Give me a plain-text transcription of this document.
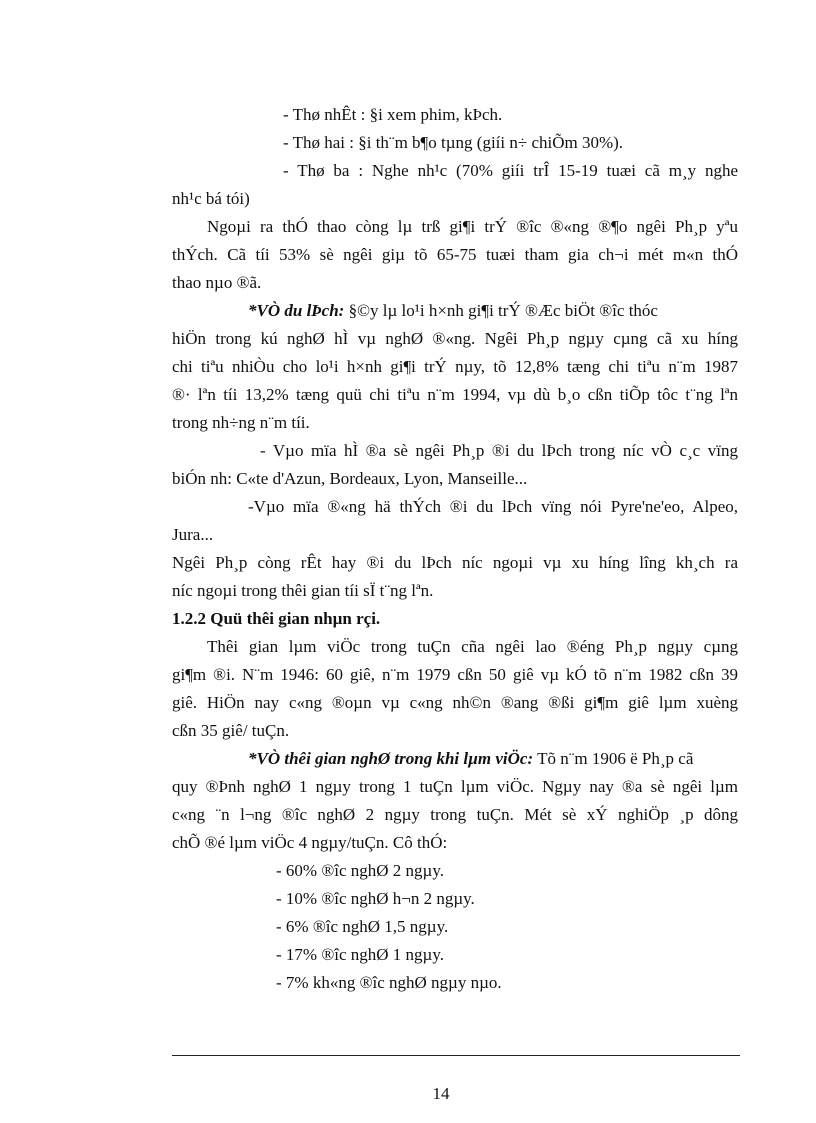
- Thø nhÊt : §i xem phim, kÞch.
- Thø hai : §i th¨m b¶o tµng (giíi n÷ chiÕm 30%).
- Thø ba : Nghe nh¹c (70% giíi trÎ 15-19 tuæi cã m¸y nghe
nh¹c bá tói)
Ngoµi ra thÓ thao còng lµ trß gi¶i trÝ ®îc ®«ng ®¶o ngêi Ph¸p yªu
thÝch. Cã tíi 53% sè ngêi giµ tõ 65-75 tuæi tham gia ch¬i mét m«n thÓ
thao nµo ®ã.
*VÒ du lÞch: §©y lµ lo¹i h×nh gi¶i trÝ ®Æc biÖt ®îc thóc
hiÖn trong kú nghØ hÌ vµ nghØ ®«ng. Ngêi Ph¸p ngµy cµng cã xu híng
chi tiªu nhiÒu cho lo¹i h×nh gi¶i trÝ nµy, tõ 12,8% tæng chi tiªu n¨m 1987
®· lªn tíi 13,2% tæng quü chi tiªu n¨m 1994, vµ dù b¸o cßn tiÕp tôc t¨ng lªn
trong nh÷ng n¨m tíi.
- Vµo mïa hÌ ®a sè ngêi Ph¸p ®i du lÞch trong níc vÒ c¸c vïng
biÓn nh: C«te d'Azun, Bordeaux, Lyon, Manseille...
-Vµo mïa ®«ng hä thÝch ®i du lÞch vïng nói Pyre'ne'eo, Alpeo,
Jura...
Ngêi Ph¸p còng rÊt hay ®i du lÞch níc ngoµi vµ xu híng lîng kh¸ch ra
níc ngoµi trong thêi gian tíi sÏ t¨ng lªn.
1.2.2 Quü thêi gian nhµn rçi.
Thêi gian lµm viÖc trong tuÇn cña ngêi lao ®éng Ph¸p ngµy cµng
gi¶m ®i. N¨m 1946: 60 giê, n¨m 1979 cßn 50 giê vµ kÓ tõ n¨m 1982 cßn 39
giê. HiÖn nay c«ng ®oµn vµ c«ng nh©n ®ang ®ßi gi¶m giê lµm xuèng
cßn 35 giê/ tuÇn.
*VÒ thêi gian nghØ trong khi lµm viÖc: Tõ n¨m 1906 ë Ph¸p cã
quy ®Þnh nghØ 1 ngµy trong 1 tuÇn lµm viÖc. Ngµy nay ®a sè ngêi lµm
c«ng ¨n l¬ng ®îc nghØ 2 ngµy trong tuÇn. Mét sè xÝ nghiÖp ¸p dông
chÕ ®é lµm viÖc 4 ngµy/tuÇn. Cô thÓ:
- 60% ®îc nghØ 2 ngµy.
- 10% ®îc nghØ h¬n 2 ngµy.
- 6% ®îc nghØ 1,5 ngµy.
- 17% ®îc nghØ 1 ngµy.
- 7% kh«ng ®îc nghØ ngµy nµo.
14
